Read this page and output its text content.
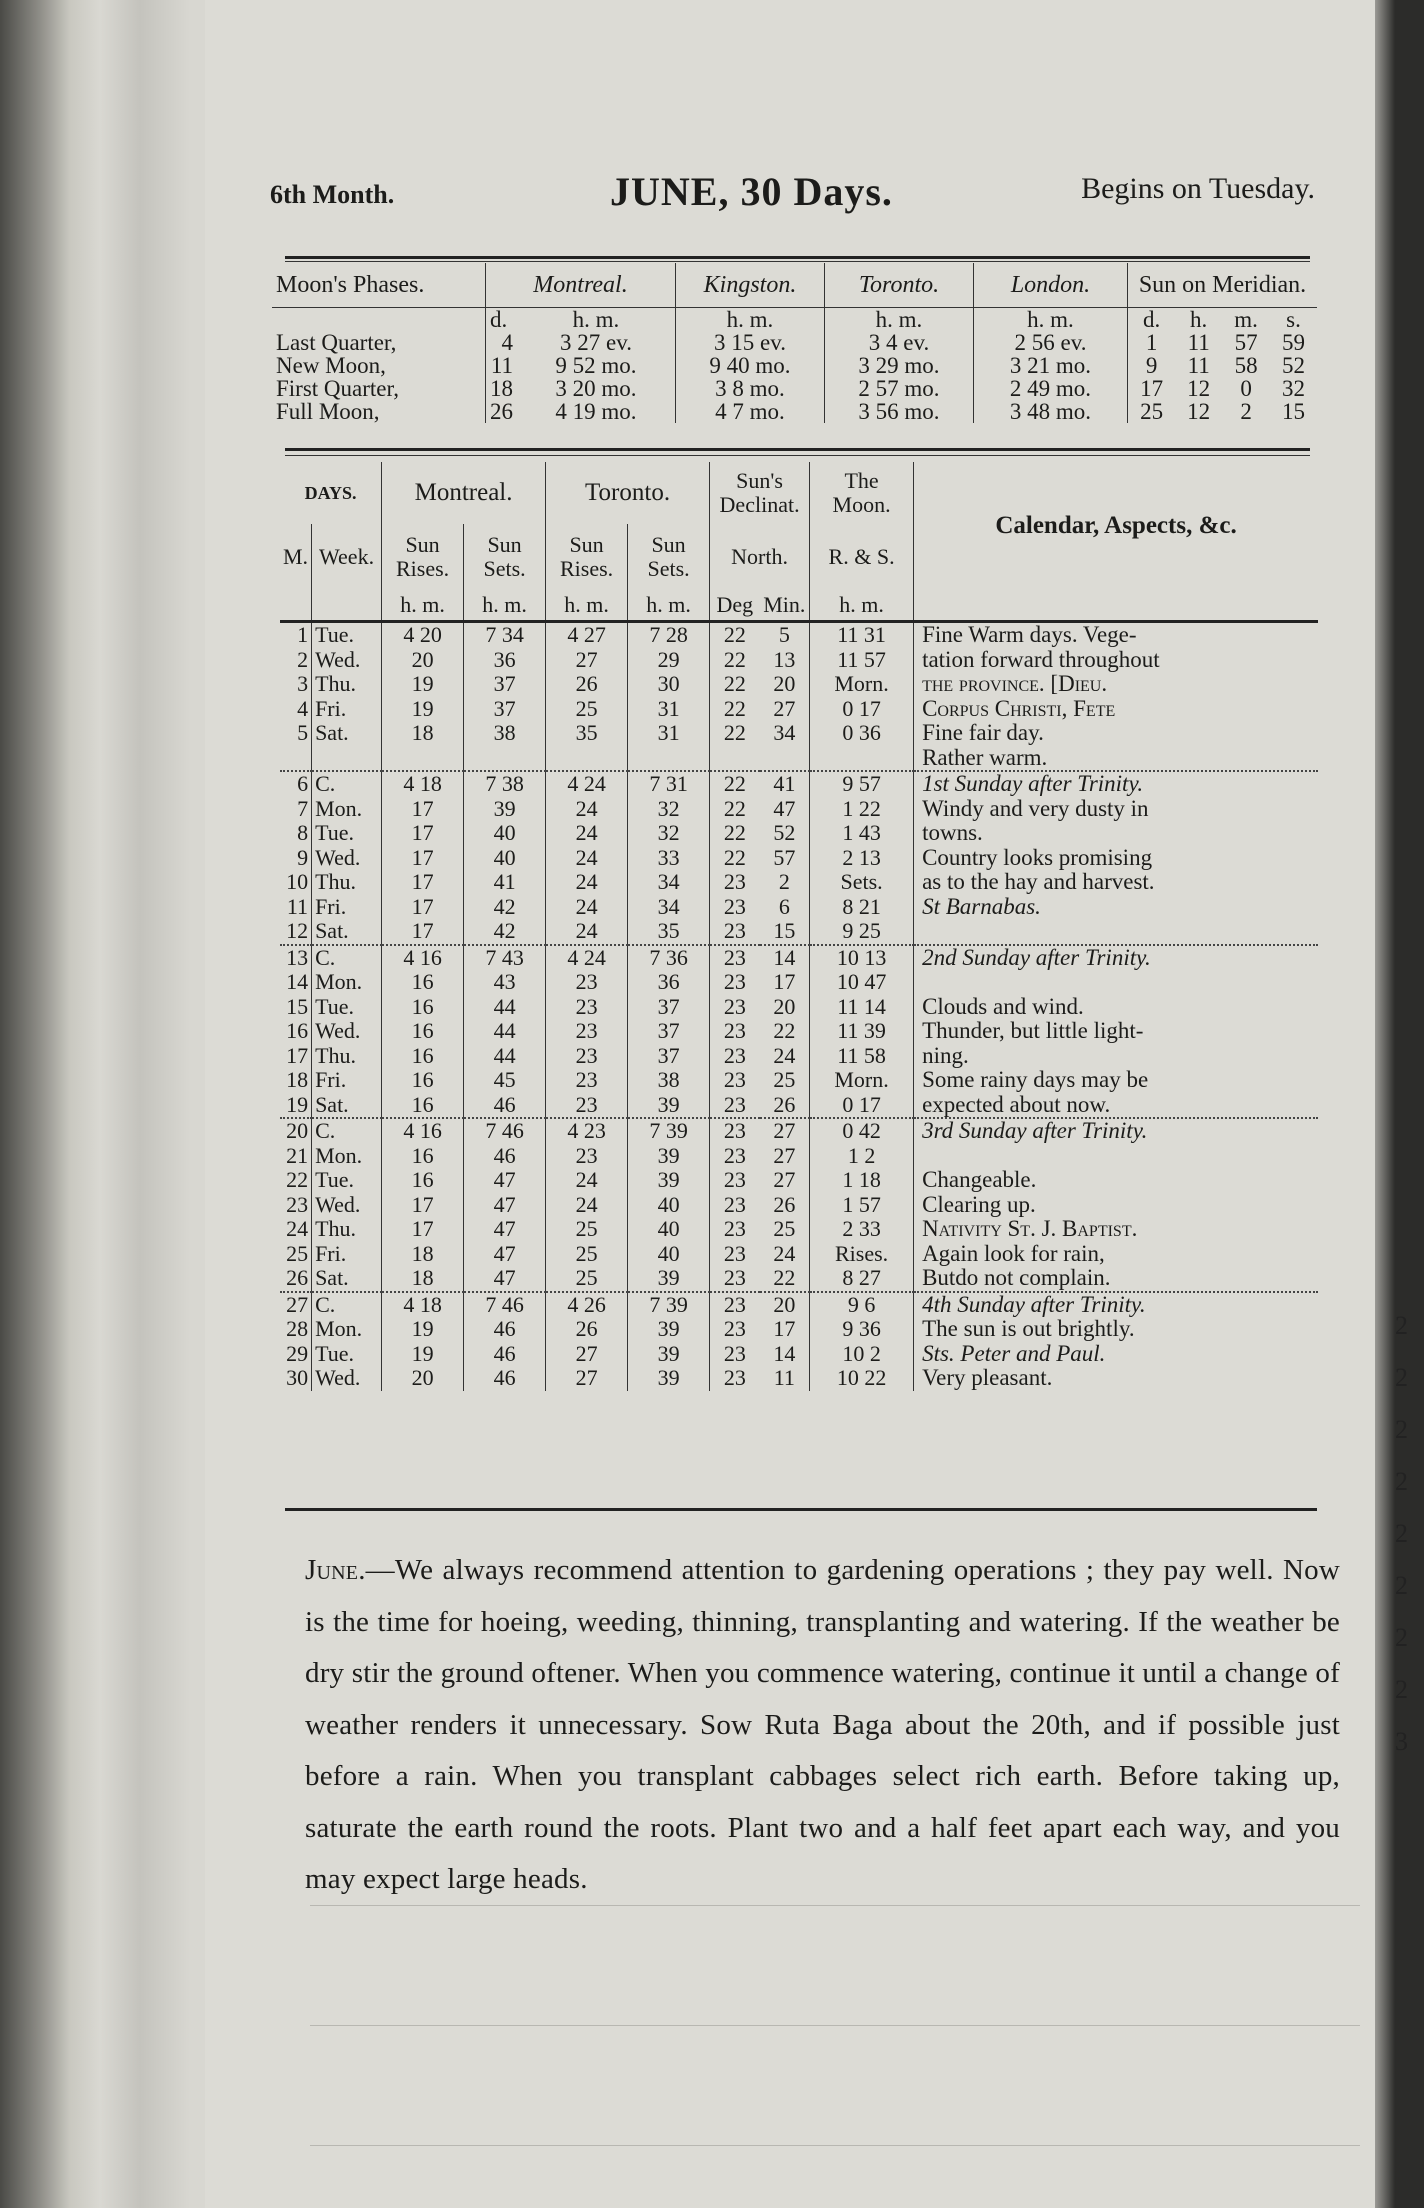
2
2
2
2
2
2
2
2
3
6th Month.	JUNE, 30 Days.	Begins on Tuesday.
Moon's Phases.	Montreal.		Kingston.	Toronto.	London.	Sun on Meridian.			
	d.	h. m.	h. m.	h. m.	h. m.	d.	h.	m.	s.
Last Quarter,	4	3 27 ev.	3 15 ev.	3 4 ev.	2 56 ev.	1	11	57	59
New Moon,	11	9 52 mo.	9 40 mo.	3 29 mo.	3 21 mo.	9	11	58	52
First Quarter,	18	3 20 mo.	3 8 mo.	2 57 mo.	2 49 mo.	17	12	0	32
Full Moon,	26	4 19 mo.	4 7 mo.	3 56 mo.	3 48 mo.	25	12	2	15
DAYS.		Montreal.		Toronto.		Sun's Declinat.		The Moon.	Calendar, Aspects, &c.
M.	Week.	Sun Rises.	Sun Sets.	Sun Rises.	Sun Sets.	North.		R. & S.	
		h. m.	h. m.	h. m.	h. m.	Deg	Min.	h. m.	
1	Tue.	4 20	7 34	4 27	7 28	22	5	11 31	Fine Warm days. Vege-
2	Wed.	20	36	27	29	22	13	11 57	tation forward throughout
3	Thu.	19	37	26	30	22	20	Morn.	the province. [Dieu.
4	Fri.	19	37	25	31	22	27	0 17	Corpus Christi, Fete
5	Sat.	18	38	35	31	22	34	0 36	Fine fair day.
									Rather warm.
6	C.	4 18	7 38	4 24	7 31	22	41	9 57	1st Sunday after Trinity.
7	Mon.	17	39	24	32	22	47	1 22	Windy and very dusty in
8	Tue.	17	40	24	32	22	52	1 43	towns.
9	Wed.	17	40	24	33	22	57	2 13	Country looks promising
10	Thu.	17	41	24	34	23	2	Sets.	as to the hay and harvest.
11	Fri.	17	42	24	34	23	6	8 21	St Barnabas.
12	Sat.	17	42	24	35	23	15	9 25	
13	C.	4 16	7 43	4 24	7 36	23	14	10 13	2nd Sunday after Trinity.
14	Mon.	16	43	23	36	23	17	10 47	
15	Tue.	16	44	23	37	23	20	11 14	Clouds and wind.
16	Wed.	16	44	23	37	23	22	11 39	Thunder, but little light-
17	Thu.	16	44	23	37	23	24	11 58	ning.
18	Fri.	16	45	23	38	23	25	Morn.	Some rainy days may be
19	Sat.	16	46	23	39	23	26	0 17	expected about now.
20	C.	4 16	7 46	4 23	7 39	23	27	0 42	3rd Sunday after Trinity.
21	Mon.	16	46	23	39	23	27	1 2	
22	Tue.	16	47	24	39	23	27	1 18	Changeable.
23	Wed.	17	47	24	40	23	26	1 57	Clearing up.
24	Thu.	17	47	25	40	23	25	2 33	Nativity St. J. Baptist.
25	Fri.	18	47	25	40	23	24	Rises.	Again look for rain,
26	Sat.	18	47	25	39	23	22	8 27	Butdo not complain.
27	C.	4 18	7 46	4 26	7 39	23	20	9 6	4th Sunday after Trinity.
28	Mon.	19	46	26	39	23	17	9 36	The sun is out brightly.
29	Tue.	19	46	27	39	23	14	10 2	Sts. Peter and Paul.
30	Wed.	20	46	27	39	23	11	10 22	Very pleasant.
June.—We always recommend attention to gardening operations ; they pay well. Now is the time for hoeing, weeding, thinning, transplanting and watering. If the weather be dry stir the ground oftener. When you commence watering, continue it until a change of weather renders it unnecessary. Sow Ruta Baga about the 20th, and if possible just before a rain. When you transplant cabbages select rich earth. Before taking up, saturate the earth round the roots. Plant two and a half feet apart each way, and you may expect large heads.
